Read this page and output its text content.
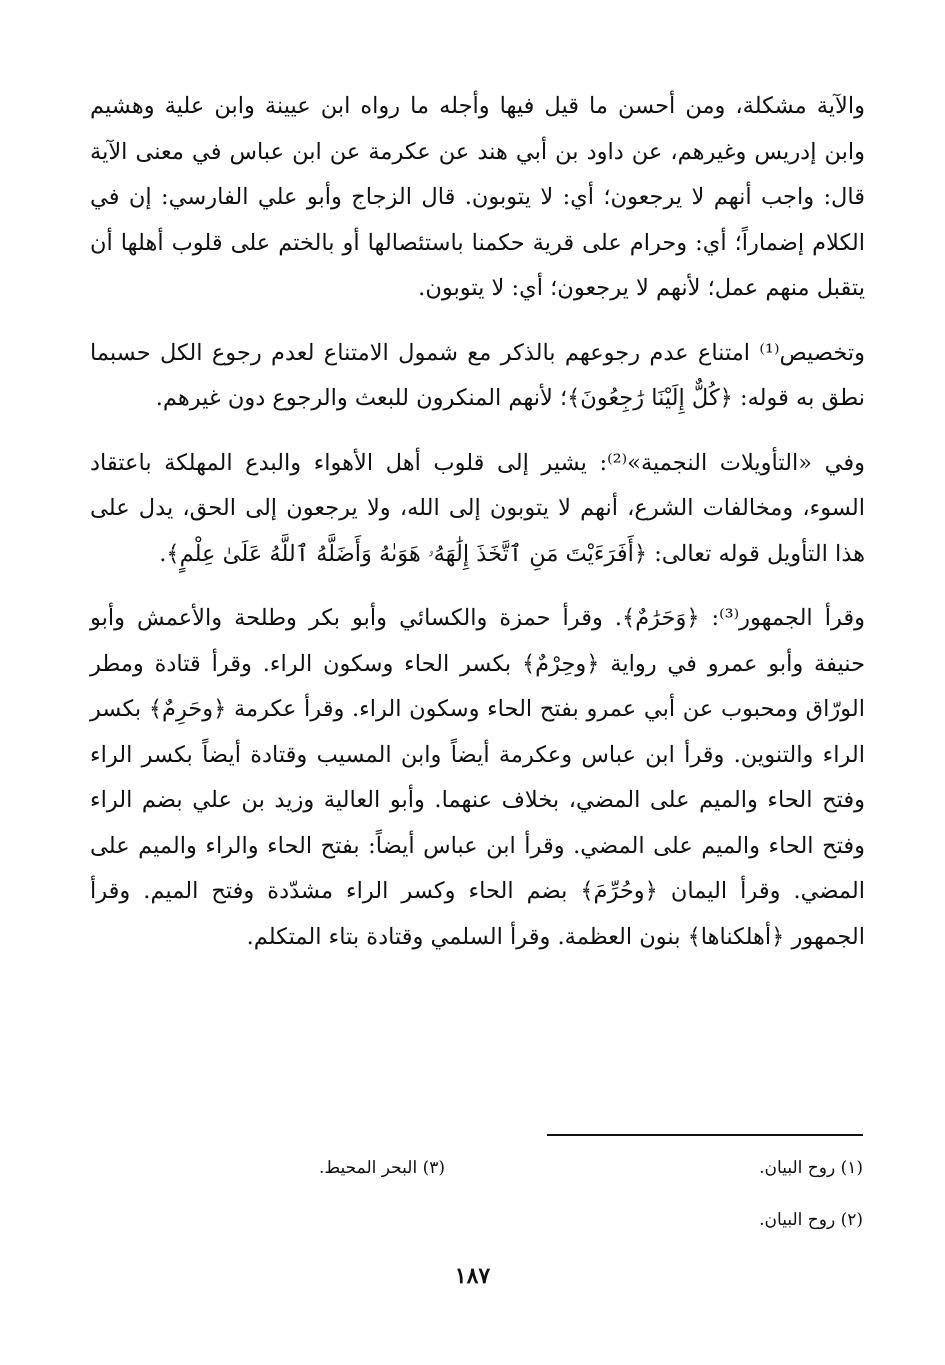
والآية مشكلة، ومن أحسن ما قيل فيها وأجله ما رواه ابن عيينة وابن علية وهشيم وابن إدريس وغيرهم، عن داود بن أبي هند عن عكرمة عن ابن عباس في معنى الآية قال: واجب أنهم لا يرجعون؛ أي: لا يتوبون. قال الزجاج وأبو علي الفارسي: إن في الكلام إضماراً؛ أي: وحرام على قرية حكمنا باستئصالها أو بالختم على قلوب أهلها أن يتقبل منهم عمل؛ لأنهم لا يرجعون؛ أي: لا يتوبون.

وتخصيص⁽¹⁾ امتناع عدم رجوعهم بالذكر مع شمول الامتناع لعدم رجوع الكل حسبما نطق به قوله: ﴿كُلٌّ إِلَيْنَا رَٰجِعُونَ﴾؛ لأنهم المنكرون للبعث والرجوع دون غيرهم.

وفي «التأويلات النجمية»⁽²⁾: يشير إلى قلوب أهل الأهواء والبدع المهلكة باعتقاد السوء، ومخالفات الشرع، أنهم لا يتوبون إلى الله، ولا يرجعون إلى الحق، يدل على هذا التأويل قوله تعالى: ﴿أَفَرَءَيْتَ مَنِ ٱتَّخَذَ إِلَٰهَهُۥ هَوَىٰهُ وَأَضَلَّهُ ٱللَّهُ عَلَىٰ عِلْمٍ﴾.

وقرأ الجمهور⁽³⁾: ﴿وَحَرَٰمٌ﴾. وقرأ حمزة والكسائي وأبو بكر وطلحة والأعمش وأبو حنيفة وأبو عمرو في رواية ﴿وحِرْمٌ﴾ بكسر الحاء وسكون الراء. وقرأ قتادة ومطر الورّاق ومحبوب عن أبي عمرو بفتح الحاء وسكون الراء. وقرأ عكرمة ﴿وحَرِمٌ﴾ بكسر الراء والتنوين. وقرأ ابن عباس وعكرمة أيضاً وابن المسيب وقتادة أيضاً بكسر الراء وفتح الحاء والميم على المضي، بخلاف عنهما. وأبو العالية وزيد بن علي بضم الراء وفتح الحاء والميم على المضي. وقرأ ابن عباس أيضاً: بفتح الحاء والراء والميم على المضي. وقرأ اليمان ﴿وحُرِّمَ﴾ بضم الحاء وكسر الراء مشدّدة وفتح الميم. وقرأ الجمهور ﴿أهلكناها﴾ بنون العظمة. وقرأ السلمي وقتادة بتاء المتكلم.

(١) روح البيان.
(٣) البحر المحيط.
(٢) روح البيان.
١٨٧
